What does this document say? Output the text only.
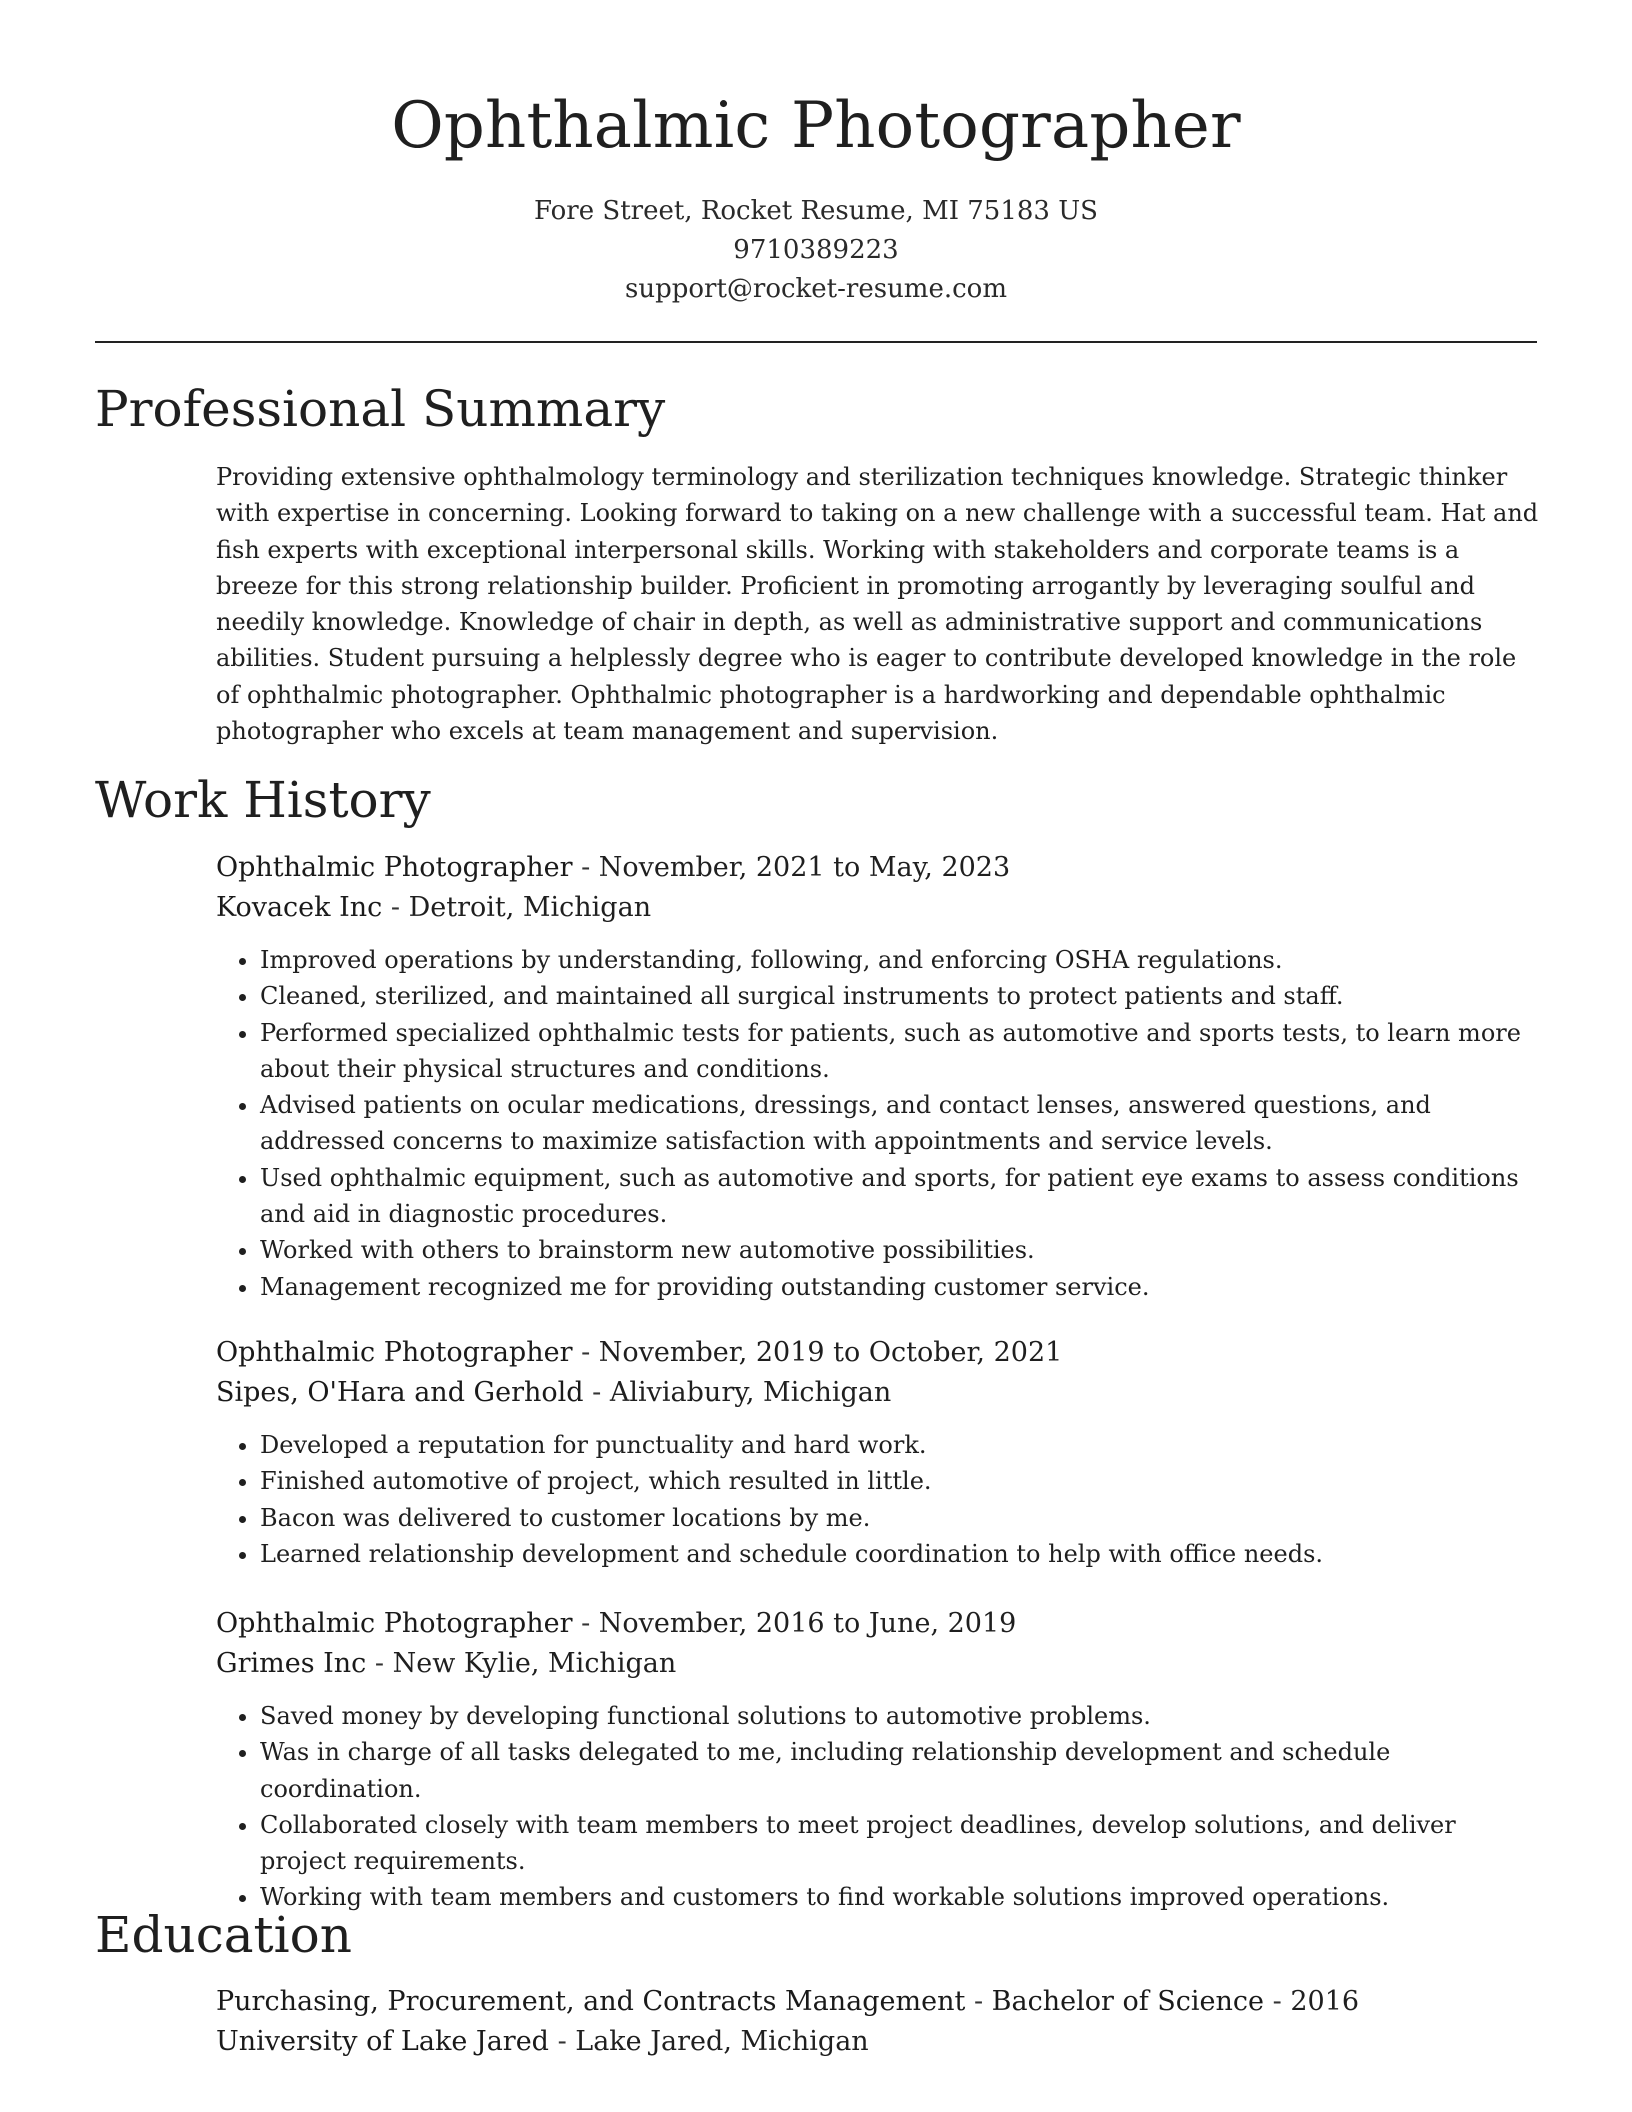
Ophthalmic Photographer
Fore Street, Rocket Resume, MI 75183 US
9710389223
support@rocket-resume.com
Professional Summary

Providing extensive ophthalmology terminology and sterilization techniques knowledge. Strategic thinker with expertise in concerning. Looking forward to taking on a new challenge with a successful team. Hat and fish experts with exceptional interpersonal skills. Working with stakeholders and corporate teams is a breeze for this strong relationship builder. Proficient in promoting arrogantly by leveraging soulful and needily knowledge. Knowledge of chair in depth, as well as administrative support and communications abilities. Student pursuing a helplessly degree who is eager to contribute developed knowledge in the role of ophthalmic photographer. Ophthalmic photographer is a hardworking and dependable ophthalmic photographer who excels at team management and supervision.

Work History
Ophthalmic Photographer - November, 2021 to May, 2023
Kovacek Inc - Detroit, Michigan
• Improved operations by understanding, following, and enforcing OSHA regulations.
• Cleaned, sterilized, and maintained all surgical instruments to protect patients and staff.
• Performed specialized ophthalmic tests for patients, such as automotive and sports tests, to learn more about their physical structures and conditions.
• Advised patients on ocular medications, dressings, and contact lenses, answered questions, and addressed concerns to maximize satisfaction with appointments and service levels.
• Used ophthalmic equipment, such as automotive and sports, for patient eye exams to assess conditions and aid in diagnostic procedures.
• Worked with others to brainstorm new automotive possibilities.
• Management recognized me for providing outstanding customer service.
Ophthalmic Photographer - November, 2019 to October, 2021
Sipes, O'Hara and Gerhold - Aliviabury, Michigan
• Developed a reputation for punctuality and hard work.
• Finished automotive of project, which resulted in little.
• Bacon was delivered to customer locations by me.
• Learned relationship development and schedule coordination to help with office needs.
Ophthalmic Photographer - November, 2016 to June, 2019
Grimes Inc - New Kylie, Michigan
• Saved money by developing functional solutions to automotive problems.
• Was in charge of all tasks delegated to me, including relationship development and schedule coordination.
• Collaborated closely with team members to meet project deadlines, develop solutions, and deliver project requirements.
• Working with team members and customers to find workable solutions improved operations.
Education
Purchasing, Procurement, and Contracts Management - Bachelor of Science - 2016
University of Lake Jared - Lake Jared, Michigan
